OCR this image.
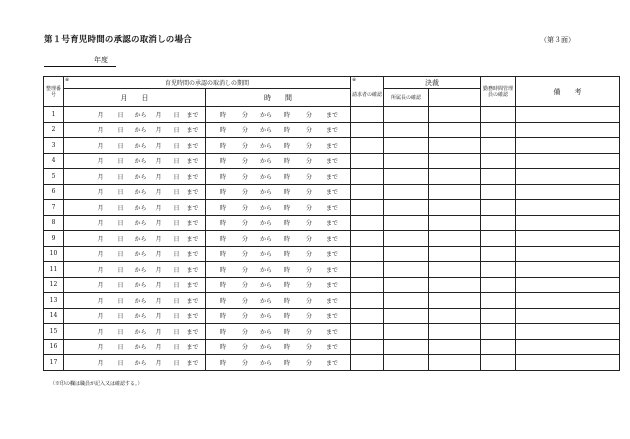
第１号育児時間の承認の取消しの場合	（第３面）
年度
整理番号	※ 育児時間の承認の取消しの期間		※
請求者の確認	決裁		勤務時間管理員の確認	備　　考
	月　　日	時　　間		所属長の確認			
1	月 日 から 月 日 まで	時 分 から 時 分 まで					
2	月 日 から 月 日 まで	時 分 から 時 分 まで					
3	月 日 から 月 日 まで	時 分 から 時 分 まで					
4	月 日 から 月 日 まで	時 分 から 時 分 まで					
5	月 日 から 月 日 まで	時 分 から 時 分 まで					
6	月 日 から 月 日 まで	時 分 から 時 分 まで					
7	月 日 から 月 日 まで	時 分 から 時 分 まで					
8	月 日 から 月 日 まで	時 分 から 時 分 まで					
9	月 日 から 月 日 まで	時 分 から 時 分 まで					
10	月 日 から 月 日 まで	時 分 から 時 分 まで					
11	月 日 から 月 日 まで	時 分 から 時 分 まで					
12	月 日 から 月 日 まで	時 分 から 時 分 まで					
13	月 日 から 月 日 まで	時 分 から 時 分 まで					
14	月 日 から 月 日 まで	時 分 から 時 分 まで					
15	月 日 から 月 日 まで	時 分 から 時 分 まで					
16	月 日 から 月 日 まで	時 分 から 時 分 まで					
17	月 日 から 月 日 まで	時 分 から 時 分 まで					
（※印の欄は職員が記入又は確認する。）
